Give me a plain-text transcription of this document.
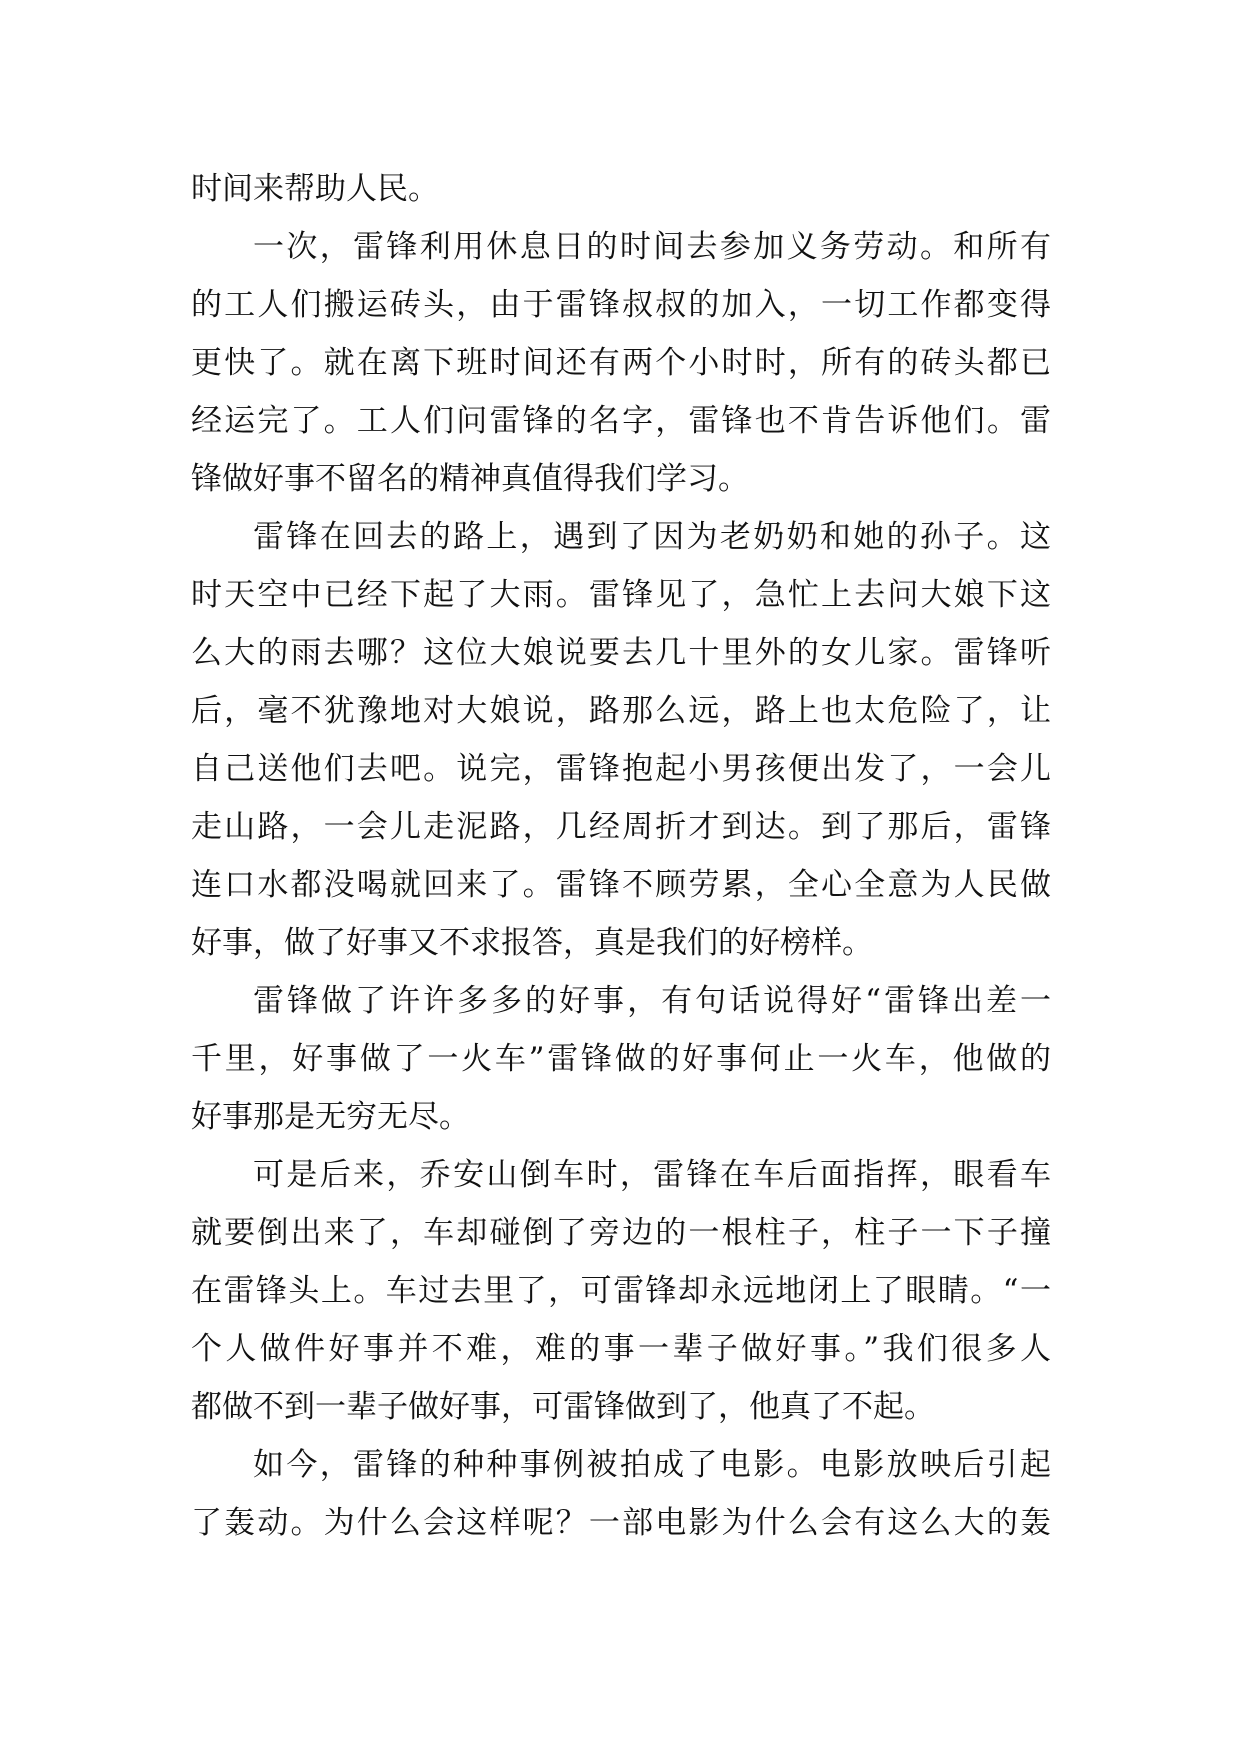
时间来帮助人民。
一次，雷锋利用休息日的时间去参加义务劳动。和所有
的工人们搬运砖头，由于雷锋叔叔的加入，一切工作都变得
更快了。就在离下班时间还有两个小时时，所有的砖头都已
经运完了。工人们问雷锋的名字，雷锋也不肯告诉他们。雷
锋做好事不留名的精神真值得我们学习。
雷锋在回去的路上，遇到了因为老奶奶和她的孙子。这
时天空中已经下起了大雨。雷锋见了，急忙上去问大娘下这
么大的雨去哪？这位大娘说要去几十里外的女儿家。雷锋听
后，毫不犹豫地对大娘说，路那么远，路上也太危险了，让
自己送他们去吧。说完，雷锋抱起小男孩便出发了，一会儿
走山路，一会儿走泥路，几经周折才到达。到了那后，雷锋
连口水都没喝就回来了。雷锋不顾劳累，全心全意为人民做
好事，做了好事又不求报答，真是我们的好榜样。
雷锋做了许许多多的好事，有句话说得好“雷锋出差一
千里，好事做了一火车”雷锋做的好事何止一火车，他做的
好事那是无穷无尽。
可是后来，乔安山倒车时，雷锋在车后面指挥，眼看车
就要倒出来了，车却碰倒了旁边的一根柱子，柱子一下子撞
在雷锋头上。车过去里了，可雷锋却永远地闭上了眼睛。“一
个人做件好事并不难，难的事一辈子做好事。”我们很多人
都做不到一辈子做好事，可雷锋做到了，他真了不起。
如今，雷锋的种种事例被拍成了电影。电影放映后引起
了轰动。为什么会这样呢？一部电影为什么会有这么大的轰
